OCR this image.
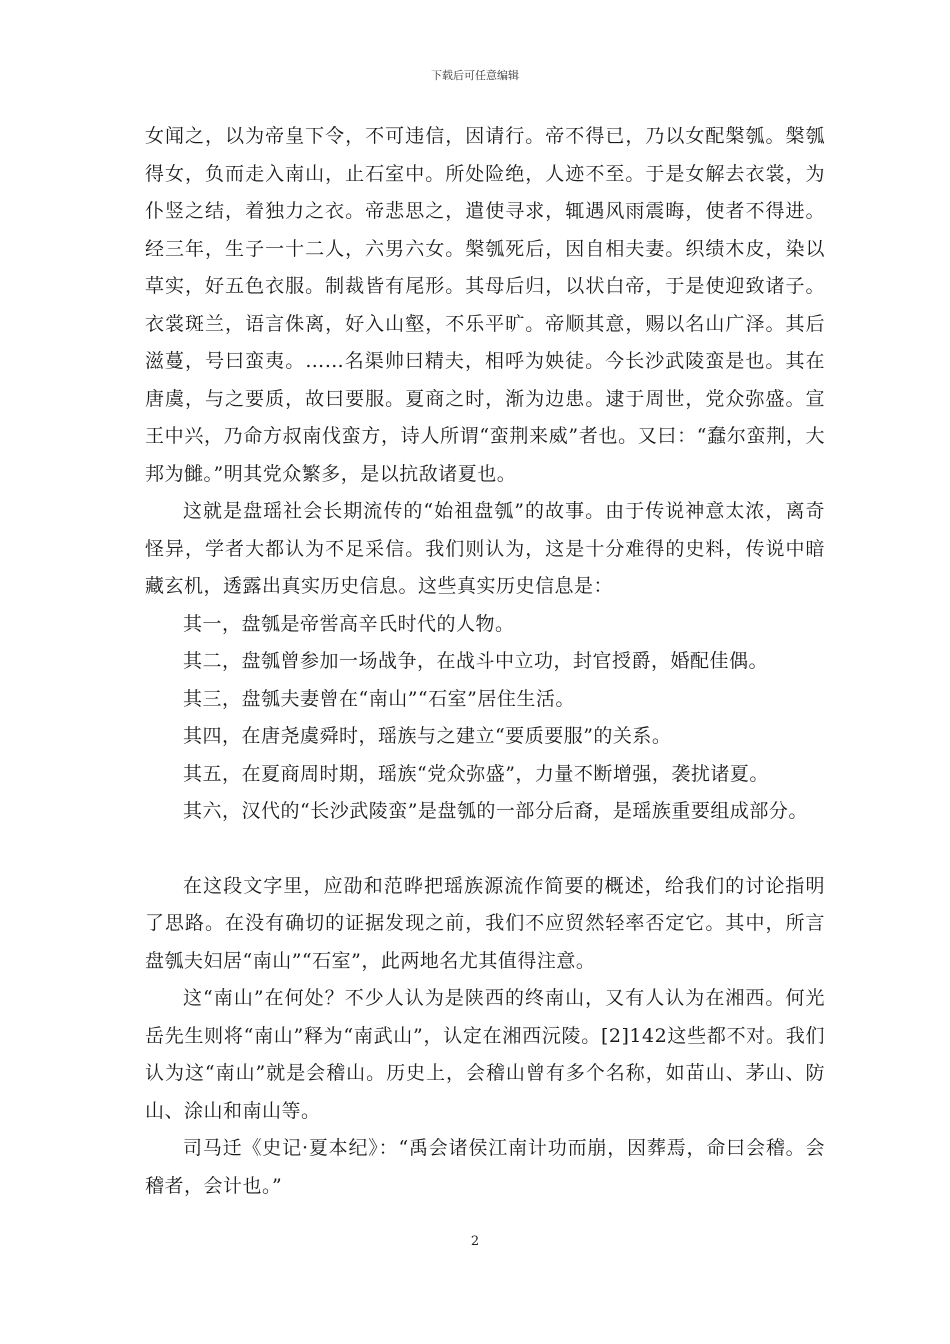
下载后可任意编辑

女闻之，以为帝皇下令，不可违信，因请行。帝不得已，乃以女配槃瓠。槃瓠得女，负而走入南山，止石室中。所处险绝，人迹不至。于是女解去衣裳，为仆竖之结，着独力之衣。帝悲思之，遣使寻求，辄遇风雨震晦，使者不得进。经三年，生子一十二人，六男六女。槃瓠死后，因自相夫妻。织绩木皮，染以草实，好五色衣服。制裁皆有尾形。其母后归，以状白帝，于是使迎致诸子。衣裳斑兰，语言侏离，好入山壑，不乐平旷。帝顺其意，赐以名山广泽。其后滋蔓，号曰蛮夷。……名渠帅曰精夫，相呼为姎徒。今长沙武陵蛮是也。其在唐虞，与之要质，故曰要服。夏商之时，渐为边患。逮于周世，党众弥盛。宣王中兴，乃命方叔南伐蛮方，诗人所谓“蛮荆来威”者也。又曰：“蠢尔蛮荆，大邦为雠。”明其党众繁多，是以抗敌诸夏也。

这就是盘瑶社会长期流传的“始祖盘瓠”的故事。由于传说神意太浓，离奇怪异，学者大都认为不足采信。我们则认为，这是十分难得的史料，传说中暗藏玄机，透露出真实历史信息。这些真实历史信息是：

其一，盘瓠是帝喾高辛氏时代的人物。

其二，盘瓠曾参加一场战争，在战斗中立功，封官授爵，婚配佳偶。

其三，盘瓠夫妻曾在“南山”“石室”居住生活。

其四，在唐尧虞舜时，瑶族与之建立“要质要服”的关系。

其五，在夏商周时期，瑶族“党众弥盛”，力量不断增强，袭扰诸夏。

其六，汉代的“长沙武陵蛮”是盘瓠的一部分后裔，是瑶族重要组成部分。

在这段文字里，应劭和范晔把瑶族源流作简要的概述，给我们的讨论指明了思路。在没有确切的证据发现之前，我们不应贸然轻率否定它。其中，所言盘瓠夫妇居“南山”“石室”，此两地名尤其值得注意。

这“南山”在何处？不少人认为是陕西的终南山，又有人认为在湘西。何光岳先生则将“南山”释为“南武山”，认定在湘西沅陵。[2]142这些都不对。我们认为这“南山”就是会稽山。历史上，会稽山曾有多个名称，如苗山、茅山、防山、涂山和南山等。

司马迁《史记·夏本纪》：“禹会诸侯江南计功而崩，因葬焉，命曰会稽。会稽者，会计也。”

2
